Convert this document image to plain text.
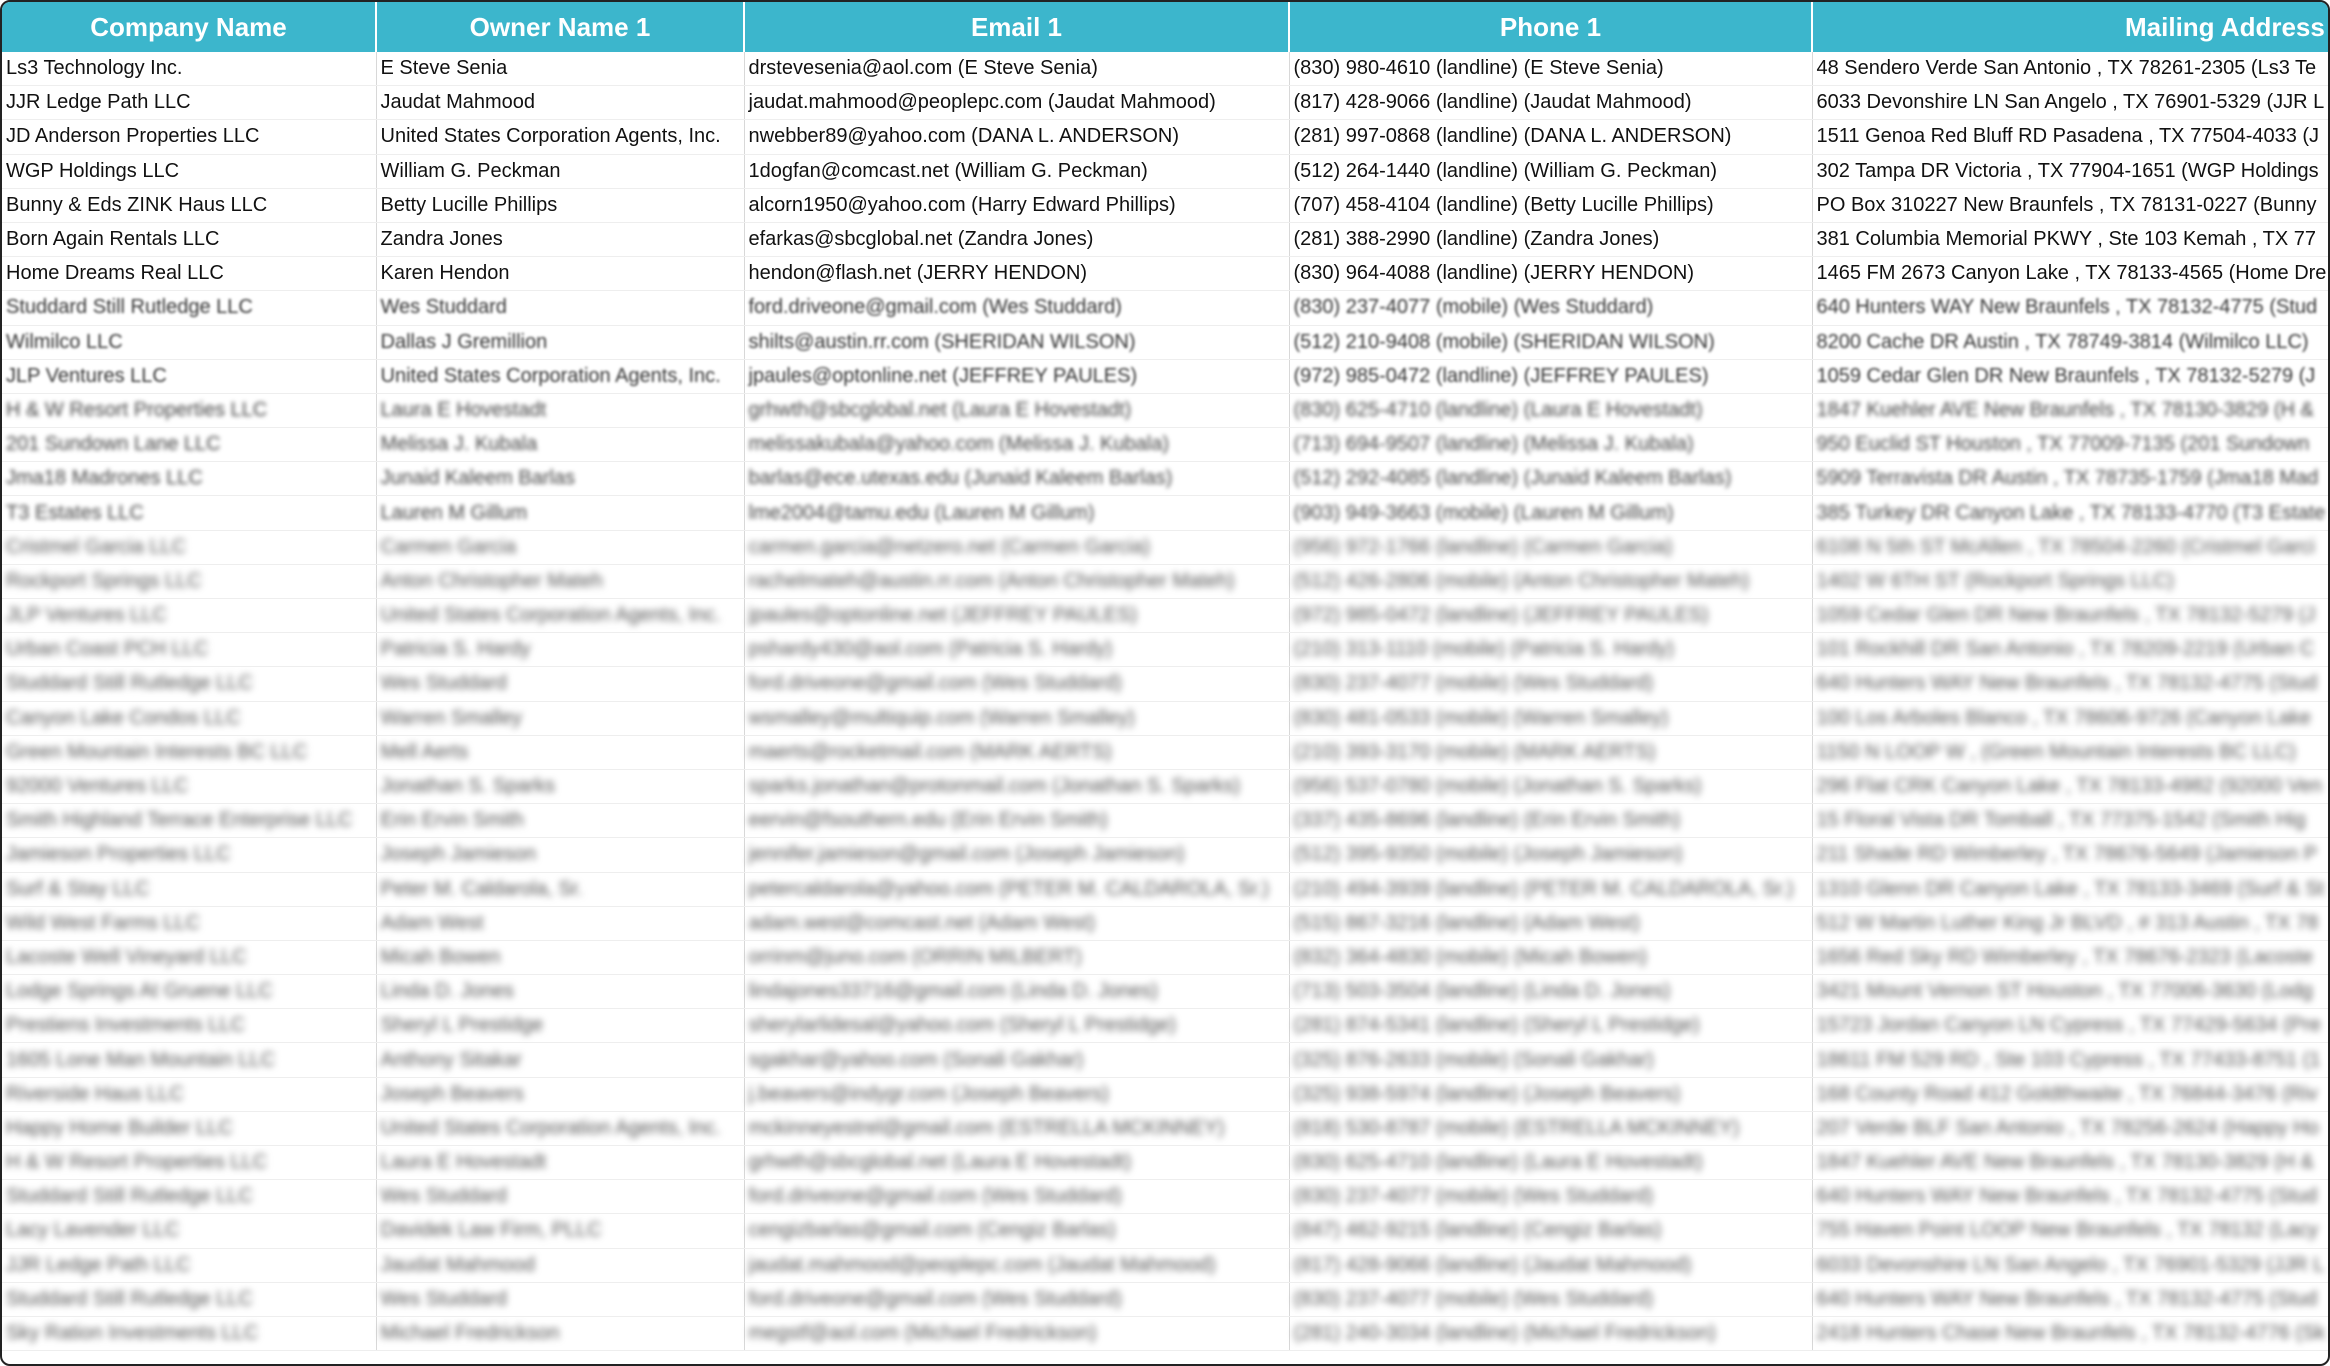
Company Name	Owner Name 1	Email 1	Phone 1	Mailing Address
Ls3 Technology Inc.	E Steve Senia	drstevesenia@aol.com (E Steve Senia)	(830) 980-4610 (landline) (E Steve Senia)	48 Sendero Verde San Antonio , TX 78261-2305 (Ls3 Te
JJR Ledge Path LLC	Jaudat Mahmood	jaudat.mahmood@peoplepc.com (Jaudat Mahmood)	(817) 428-9066 (landline) (Jaudat Mahmood)	6033 Devonshire LN San Angelo , TX 76901-5329 (JJR L
JD Anderson Properties LLC	United States Corporation Agents, Inc.	nwebber89@yahoo.com (DANA L. ANDERSON)	(281) 997-0868 (landline) (DANA L. ANDERSON)	1511 Genoa Red Bluff RD Pasadena , TX 77504-4033 (J
WGP Holdings LLC	William G. Peckman	1dogfan@comcast.net (William G. Peckman)	(512) 264-1440 (landline) (William G. Peckman)	302 Tampa DR Victoria , TX 77904-1651 (WGP Holdings
Bunny & Eds ZINK Haus LLC	Betty Lucille Phillips	alcorn1950@yahoo.com (Harry Edward Phillips)	(707) 458-4104 (landline) (Betty Lucille Phillips)	PO Box 310227 New Braunfels , TX 78131-0227 (Bunny
Born Again Rentals LLC	Zandra Jones	efarkas@sbcglobal.net (Zandra Jones)	(281) 388-2990 (landline) (Zandra Jones)	381 Columbia Memorial PKWY , Ste 103 Kemah , TX 77
Home Dreams Real LLC	Karen Hendon	hendon@flash.net (JERRY HENDON)	(830) 964-4088 (landline) (JERRY HENDON)	1465 FM 2673 Canyon Lake , TX 78133-4565 (Home Dre
Studdard Still Rutledge LLC	Wes Studdard	ford.driveone@gmail.com (Wes Studdard)	(830) 237-4077 (mobile) (Wes Studdard)	640 Hunters WAY New Braunfels , TX 78132-4775 (Stud
Wilmilco LLC	Dallas J Gremillion	shilts@austin.rr.com (SHERIDAN WILSON)	(512) 210-9408 (mobile) (SHERIDAN WILSON)	8200 Cache DR Austin , TX 78749-3814 (Wilmilco LLC)
JLP Ventures LLC	United States Corporation Agents, Inc.	jpaules@optonline.net (JEFFREY PAULES)	(972) 985-0472 (landline) (JEFFREY PAULES)	1059 Cedar Glen DR New Braunfels , TX 78132-5279 (J
H & W Resort Properties LLC	Laura E Hovestadt	grhwth@sbcglobal.net (Laura E Hovestadt)	(830) 625-4710 (landline) (Laura E Hovestadt)	1847 Kuehler AVE New Braunfels , TX 78130-3829 (H &
201 Sundown Lane LLC	Melissa J. Kubala	melissakubala@yahoo.com (Melissa J. Kubala)	(713) 694-9507 (landline) (Melissa J. Kubala)	950 Euclid ST Houston , TX 77009-7135 (201 Sundown
Jma18 Madrones LLC	Junaid Kaleem Barlas	barlas@ece.utexas.edu (Junaid Kaleem Barlas)	(512) 292-4085 (landline) (Junaid Kaleem Barlas)	5909 Terravista DR Austin , TX 78735-1759 (Jma18 Mad
T3 Estates LLC	Lauren M Gillum	lme2004@tamu.edu (Lauren M Gillum)	(903) 949-3663 (mobile) (Lauren M Gillum)	385 Turkey DR Canyon Lake , TX 78133-4770 (T3 Estate
Cristmel Garcia LLC	Carmen Garcia	carmen.garcia@netzero.net (Carmen Garcia)	(956) 972-1766 (landline) (Carmen Garcia)	6108 N 5th ST McAllen , TX 78504-2260 (Cristmel Garci
Rockport Springs LLC	Anton Christopher Mateh	rachelmateh@austin.rr.com (Anton Christopher Mateh)	(512) 426-2806 (mobile) (Anton Christopher Mateh)	1402 W 6TH ST (Rockport Springs LLC)
JLP Ventures LLC	United States Corporation Agents, Inc.	jpaules@optonline.net (JEFFREY PAULES)	(972) 985-0472 (landline) (JEFFREY PAULES)	1059 Cedar Glen DR New Braunfels , TX 78132-5279 (J
Urban Coast PCH LLC	Patricia S. Hardy	pshardy430@aol.com (Patricia S. Hardy)	(210) 313-1110 (mobile) (Patricia S. Hardy)	101 Rockhill DR San Antonio , TX 78209-2219 (Urban C
Studdard Still Rutledge LLC	Wes Studdard	ford.driveone@gmail.com (Wes Studdard)	(830) 237-4077 (mobile) (Wes Studdard)	640 Hunters WAY New Braunfels , TX 78132-4775 (Stud
Canyon Lake Condos LLC	Warren Smalley	wsmalley@multiquip.com (Warren Smalley)	(830) 481-0533 (mobile) (Warren Smalley)	100 Los Arboles Blanco , TX 78606-9726 (Canyon Lake
Green Mountain Interests BC LLC	Mell Aerts	maerts@rocketmail.com (MARK AERTS)	(210) 393-3170 (mobile) (MARK AERTS)	1150 N LOOP W , (Green Mountain Interests BC LLC)
92000 Ventures LLC	Jonathan S. Sparks	sparks.jonathan@protonmail.com (Jonathan S. Sparks)	(956) 537-0780 (mobile) (Jonathan S. Sparks)	296 Flat CRK Canyon Lake , TX 78133-4982 (92000 Ven
Smith Highland Terrace Enterprise LLC	Erin Ervin Smith	eervin@fsouthern.edu (Erin Ervin Smith)	(337) 435-8696 (landline) (Erin Ervin Smith)	15 Floral Vista DR Tomball , TX 77375-1542 (Smith Hig
Jamieson Properties LLC	Joseph Jamieson	jennifer.jamieson@gmail.com (Joseph Jamieson)	(512) 395-9350 (mobile) (Joseph Jamieson)	211 Shade RD Wimberley , TX 78676-5649 (Jamieson P
Surf & Stay LLC	Peter M. Caldarola, Sr.	petercaldarola@yahoo.com (PETER M. CALDAROLA, Sr.)	(210) 494-3939 (landline) (PETER M. CALDAROLA, Sr.)	1310 Glenn DR Canyon Lake , TX 78133-3469 (Surf & St
Wild West Farms LLC	Adam West	adam.west@comcast.net (Adam West)	(515) 867-3216 (landline) (Adam West)	512 W Martin Luther King Jr BLVD , # 313 Austin , TX 78
Lacoste Well Vineyard LLC	Micah Bowen	orrinm@juno.com (ORRIN MILBERT)	(832) 364-4830 (mobile) (Micah Bowen)	1656 Red Sky RD Wimberley , TX 78676-2323 (Lacoste
Lodge Springs At Gruene LLC	Linda D. Jones	lindajones33716@gmail.com (Linda D. Jones)	(713) 503-3504 (landline) (Linda D. Jones)	3421 Mount Vernon ST Houston , TX 77006-3630 (Lodg
Prestiens Investments LLC	Sheryl L Prestidge	sherylarlidesal@yahoo.com (Sheryl L Prestidge)	(281) 874-5341 (landline) (Sheryl L Prestidge)	15723 Jordan Canyon LN Cypress , TX 77429-5634 (Pre
1605 Lone Man Mountain LLC	Anthony Sitakar	sgakhar@yahoo.com (Sonali Gakhar)	(325) 876-2633 (mobile) (Sonali Gakhar)	18611 FM 529 RD , Ste 103 Cypress , TX 77433-8751 (1
Riverside Haus LLC	Joseph Beavers	j.beavers@indygr.com (Joseph Beavers)	(325) 938-5974 (landline) (Joseph Beavers)	168 County Road 412 Goldthwaite , TX 76844-3476 (Riv
Happy Home Builder LLC	United States Corporation Agents, Inc.	mckinneyestrel@gmail.com (ESTRELLA MCKINNEY)	(818) 530-8787 (mobile) (ESTRELLA MCKINNEY)	207 Verde BLF San Antonio , TX 78256-2624 (Happy Ho
H & W Resort Properties LLC	Laura E Hovestadt	grhwth@sbcglobal.net (Laura E Hovestadt)	(830) 625-4710 (landline) (Laura E Hovestadt)	1847 Kuehler AVE New Braunfels , TX 78130-3829 (H &
Studdard Still Rutledge LLC	Wes Studdard	ford.driveone@gmail.com (Wes Studdard)	(830) 237-4077 (mobile) (Wes Studdard)	640 Hunters WAY New Braunfels , TX 78132-4775 (Stud
Lacy Lavender LLC	Davidek Law Firm, PLLC	cengizbarlas@gmail.com (Cengiz Barlas)	(847) 462-9215 (landline) (Cengiz Barlas)	755 Haven Point LOOP New Braunfels , TX 78132 (Lacy
JJR Ledge Path LLC	Jaudat Mahmood	jaudat.mahmood@peoplepc.com (Jaudat Mahmood)	(817) 428-9066 (landline) (Jaudat Mahmood)	6033 Devonshire LN San Angelo , TX 76901-5329 (JJR L
Studdard Still Rutledge LLC	Wes Studdard	ford.driveone@gmail.com (Wes Studdard)	(830) 237-4077 (mobile) (Wes Studdard)	640 Hunters WAY New Braunfels , TX 78132-4775 (Stud
Sky Ration Investments LLC	Michael Fredrickson	megstf@aol.com (Michael Fredrickson)	(281) 240-3034 (landline) (Michael Fredrickson)	2418 Hunters Chase New Braunfels , TX 78132-4776 (Sk
